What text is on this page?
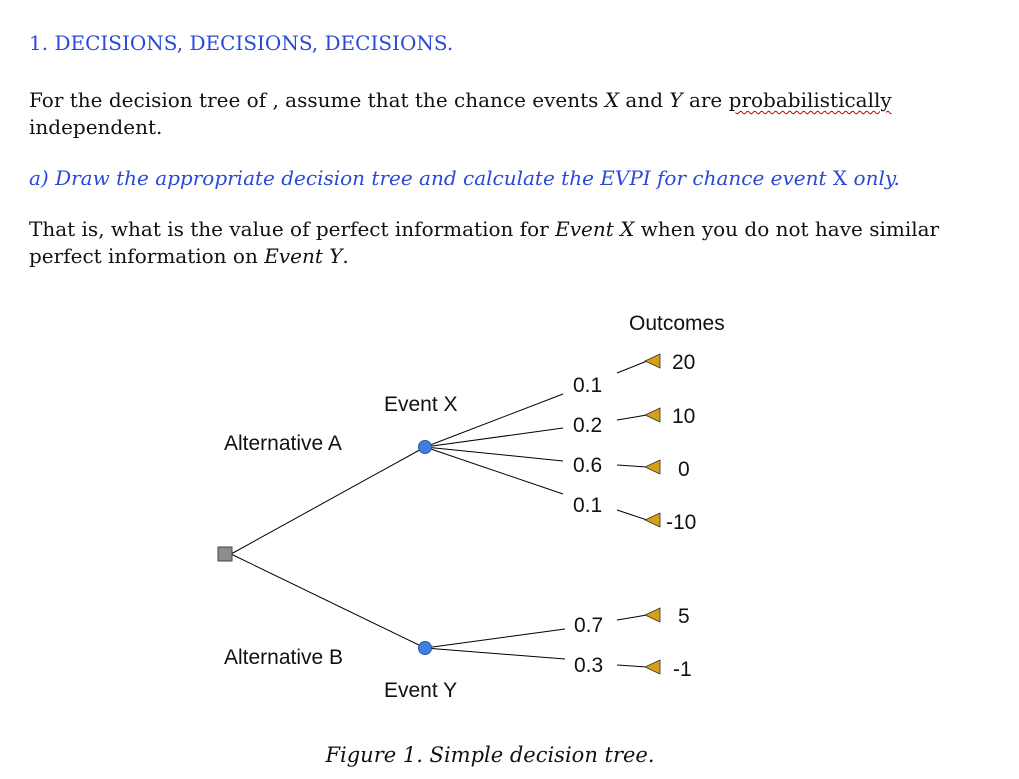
1. DECISIONS, DECISIONS, DECISIONS.

For the decision tree of , assume that the chance events X and Y are probabilistically independent.

a) Draw the appropriate decision tree and calculate the EVPI for chance event X only.

That is, what is the value of perfect information for Event X when you do not have similar perfect information on Event Y.

Outcomes
Alternative A
Alternative B
Event X
Event Y
0.1
0.2
0.6
0.1
0.7
0.3
20
10
0
-10
5
-1

Figure 1. Simple decision tree.
